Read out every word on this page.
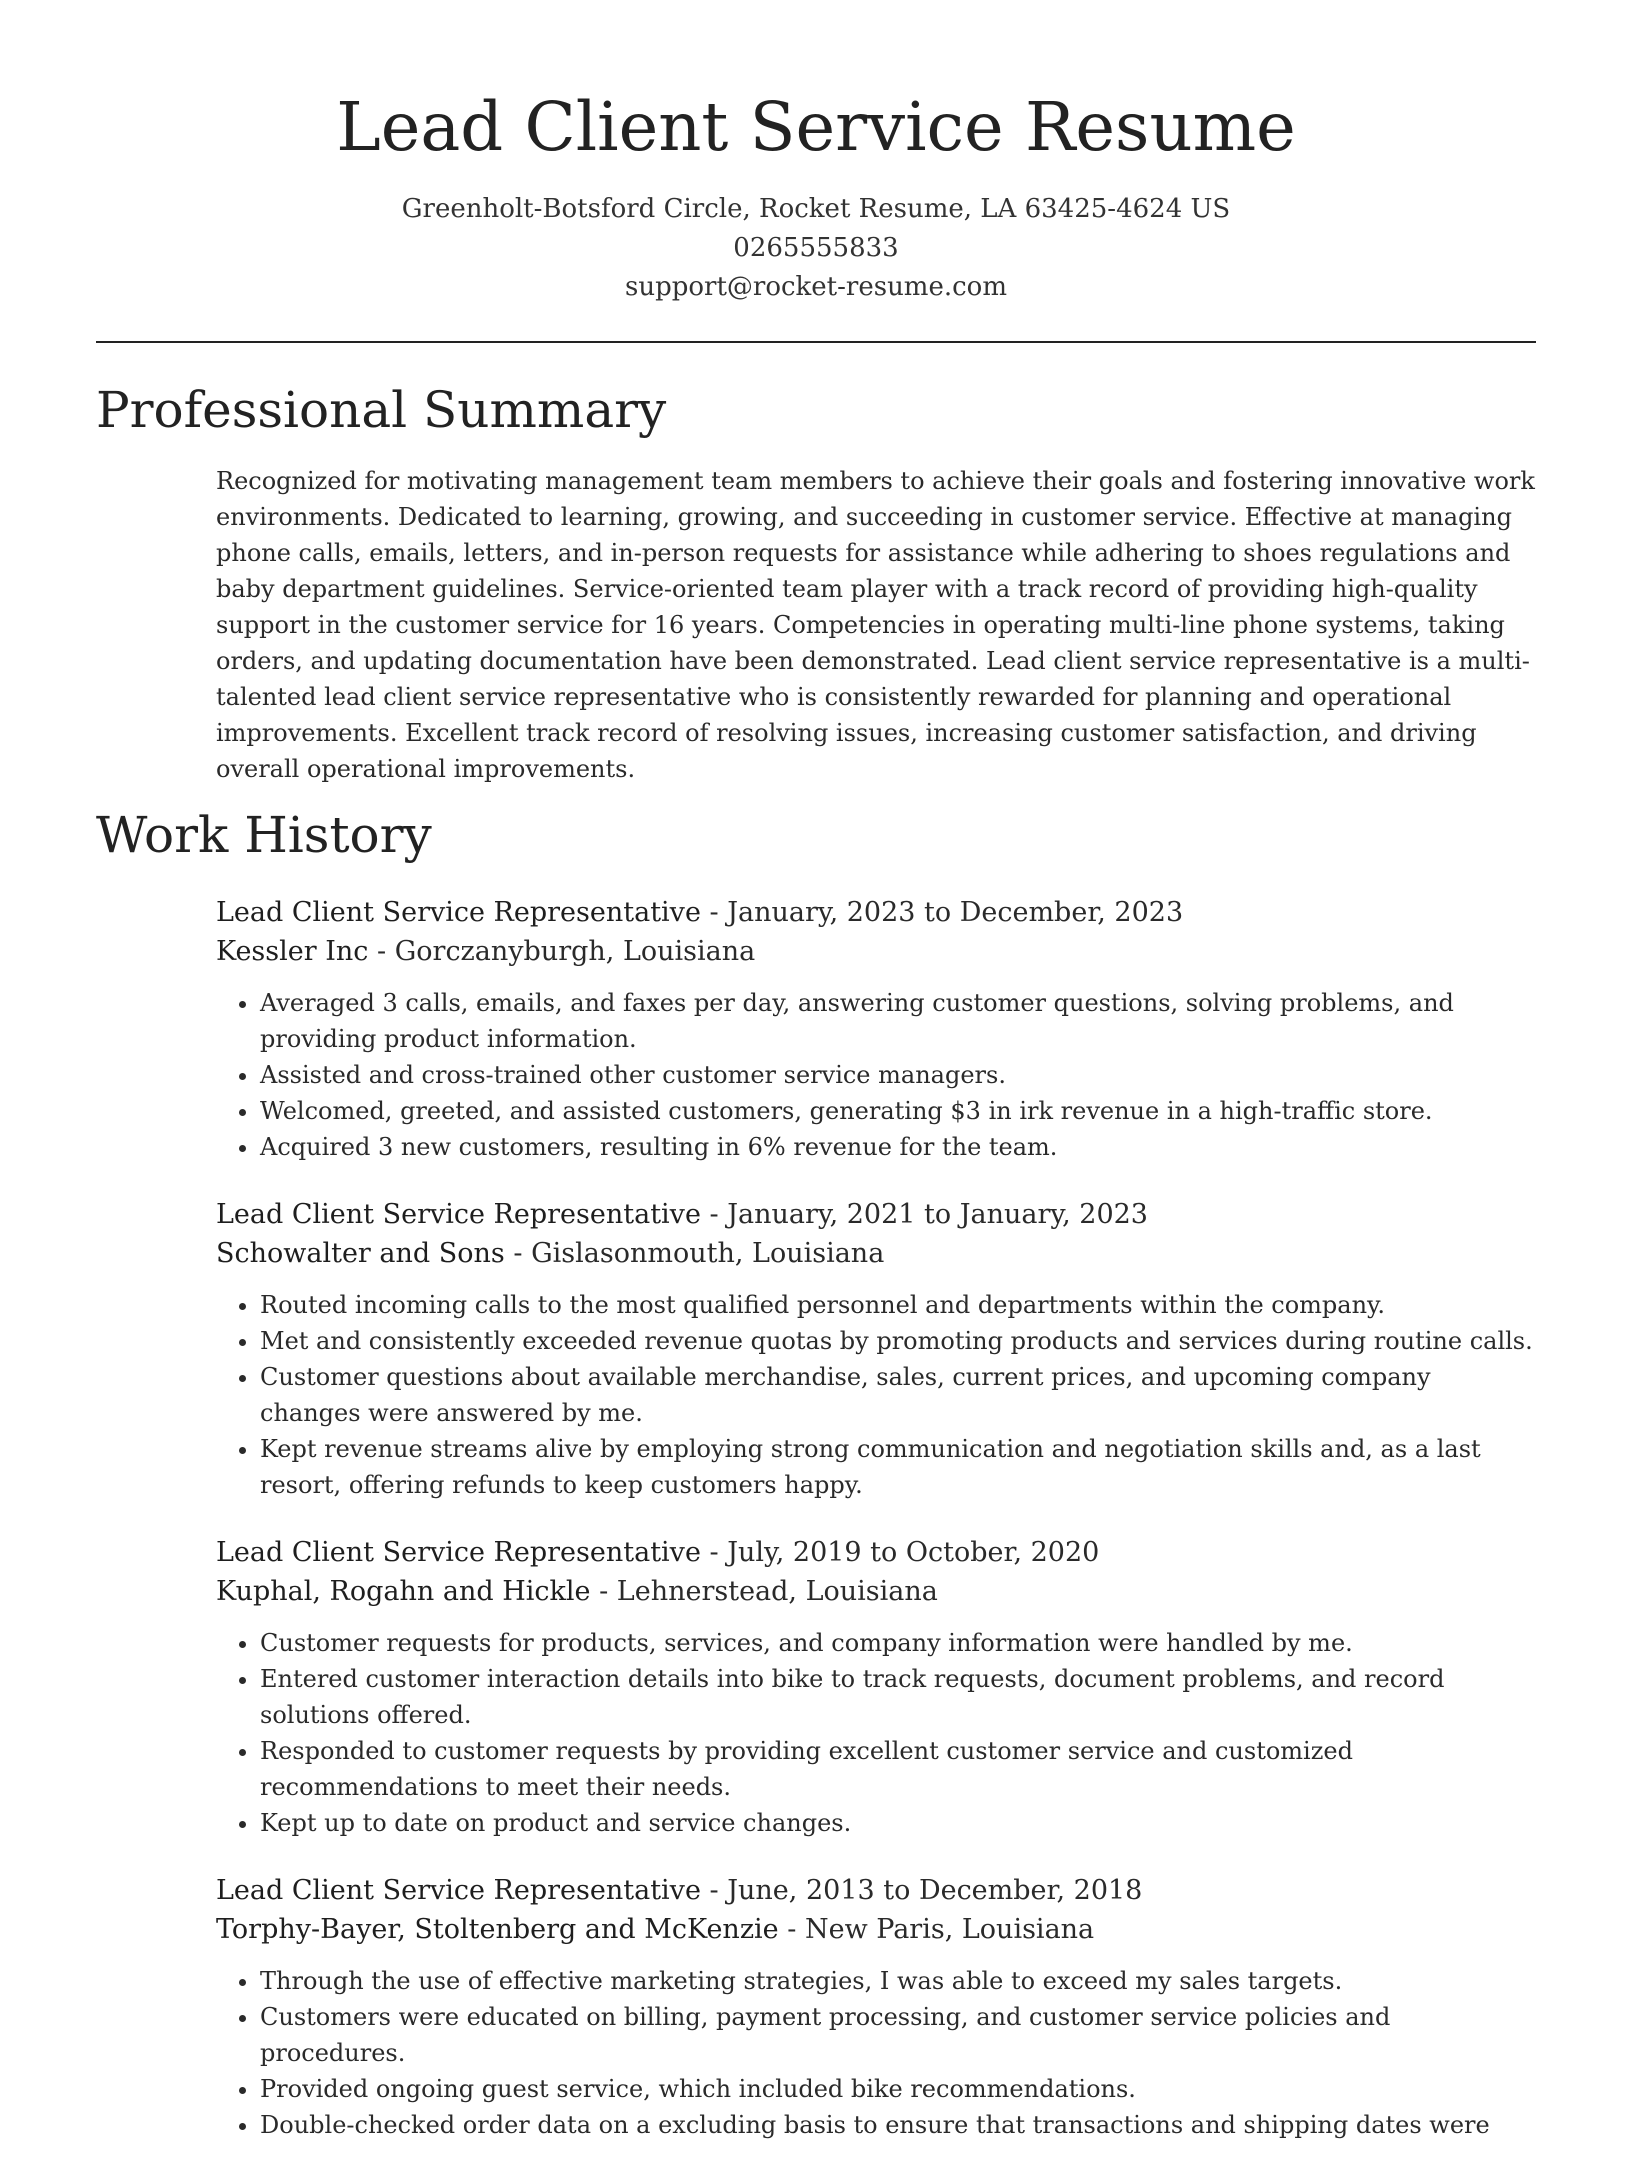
Lead Client Service Resume
Greenholt-Botsford Circle, Rocket Resume, LA 63425-4624 US
0265555833
support@rocket-resume.com
Professional Summary

Recognized for motivating management team members to achieve their goals and fostering innovative work environments. Dedicated to learning, growing, and succeeding in customer service. Effective at managing phone calls, emails, letters, and in-person requests for assistance while adhering to shoes regulations and baby department guidelines. Service-oriented team player with a track record of providing high-quality support in the customer service for 16 years. Competencies in operating multi-line phone systems, taking orders, and updating documentation have been demonstrated. Lead client service representative is a multi-talented lead client service representative who is consistently rewarded for planning and operational improvements. Excellent track record of resolving issues, increasing customer satisfaction, and driving overall operational improvements.

Work History
Lead Client Service Representative - January, 2023 to December, 2023
Kessler Inc - Gorczanyburgh, Louisiana
• Averaged 3 calls, emails, and faxes per day, answering customer questions, solving problems, and providing product information.
• Assisted and cross-trained other customer service managers.
• Welcomed, greeted, and assisted customers, generating $3 in irk revenue in a high-traffic store.
• Acquired 3 new customers, resulting in 6% revenue for the team.
Lead Client Service Representative - January, 2021 to January, 2023
Schowalter and Sons - Gislasonmouth, Louisiana
• Routed incoming calls to the most qualified personnel and departments within the company.
• Met and consistently exceeded revenue quotas by promoting products and services during routine calls.
• Customer questions about available merchandise, sales, current prices, and upcoming company changes were answered by me.
• Kept revenue streams alive by employing strong communication and negotiation skills and, as a last resort, offering refunds to keep customers happy.
Lead Client Service Representative - July, 2019 to October, 2020
Kuphal, Rogahn and Hickle - Lehnerstead, Louisiana
• Customer requests for products, services, and company information were handled by me.
• Entered customer interaction details into bike to track requests, document problems, and record solutions offered.
• Responded to customer requests by providing excellent customer service and customized recommendations to meet their needs.
• Kept up to date on product and service changes.
Lead Client Service Representative - June, 2013 to December, 2018
Torphy-Bayer, Stoltenberg and McKenzie - New Paris, Louisiana
• Through the use of effective marketing strategies, I was able to exceed my sales targets.
• Customers were educated on billing, payment processing, and customer service policies and procedures.
• Provided ongoing guest service, which included bike recommendations.
• Double-checked order data on a excluding basis to ensure that transactions and shipping dates were
